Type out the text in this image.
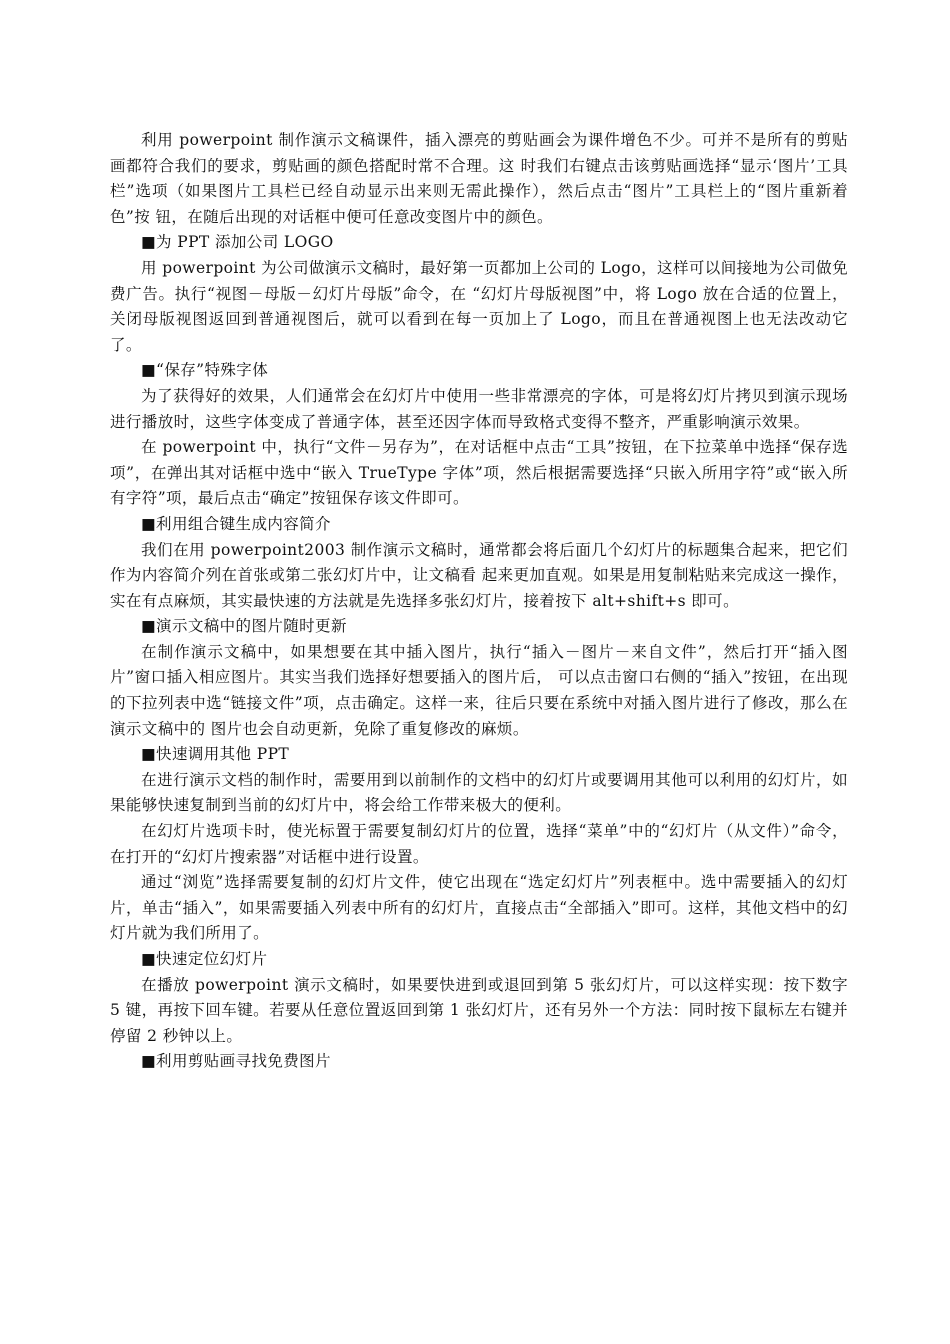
利用 powerpoint 制作演示文稿课件，插入漂亮的剪贴画会为课件增色不少。可并不是所有的剪贴画都符合我们的要求，剪贴画的颜色搭配时常不合理。这 时我们右键点击该剪贴画选择“显示‘图片’工具栏”选项（如果图片工具栏已经自动显示出来则无需此操作），然后点击“图片”工具栏上的“图片重新着色”按 钮，在随后出现的对话框中便可任意改变图片中的颜色。

■为 PPT 添加公司 LOGO

用 powerpoint 为公司做演示文稿时，最好第一页都加上公司的 Logo，这样可以间接地为公司做免费广告。执行“视图－母版－幻灯片母版”命令，在 “幻灯片母版视图”中，将 Logo 放在合适的位置上，关闭母版视图返回到普通视图后，就可以看到在每一页加上了 Logo，而且在普通视图上也无法改动它 了。

■“保存”特殊字体

为了获得好的效果，人们通常会在幻灯片中使用一些非常漂亮的字体，可是将幻灯片拷贝到演示现场进行播放时，这些字体变成了普通字体，甚至还因字体而导致格式变得不整齐，严重影响演示效果。

在 powerpoint 中，执行“文件－另存为”，在对话框中点击“工具”按钮，在下拉菜单中选择“保存选项”，在弹出其对话框中选中“嵌入 TrueType 字体”项，然后根据需要选择“只嵌入所用字符”或“嵌入所有字符”项，最后点击“确定”按钮保存该文件即可。

■利用组合键生成内容简介

我们在用 powerpoint2003 制作演示文稿时，通常都会将后面几个幻灯片的标题集合起来，把它们作为内容简介列在首张或第二张幻灯片中，让文稿看 起来更加直观。如果是用复制粘贴来完成这一操作，实在有点麻烦，其实最快速的方法就是先选择多张幻灯片，接着按下 alt+shift+s 即可。

■演示文稿中的图片随时更新

在制作演示文稿中，如果想要在其中插入图片，执行“插入－图片－来自文件”，然后打开“插入图片”窗口插入相应图片。其实当我们选择好想要插入的图片后， 可以点击窗口右侧的“插入”按钮，在出现的下拉列表中选“链接文件”项，点击确定。这样一来，往后只要在系统中对插入图片进行了修改，那么在演示文稿中的 图片也会自动更新，免除了重复修改的麻烦。

■快速调用其他 PPT

在进行演示文档的制作时，需要用到以前制作的文档中的幻灯片或要调用其他可以利用的幻灯片，如果能够快速复制到当前的幻灯片中，将会给工作带来极大的便利。

在幻灯片选项卡时，使光标置于需要复制幻灯片的位置，选择“菜单”中的“幻灯片（从文件）”命令，在打开的“幻灯片搜索器”对话框中进行设置。

通过“浏览”选择需要复制的幻灯片文件，使它出现在“选定幻灯片”列表框中。选中需要插入的幻灯片，单击“插入”，如果需要插入列表中所有的幻灯片，直接点击“全部插入”即可。这样，其他文档中的幻灯片就为我们所用了。

■快速定位幻灯片

在播放 powerpoint 演示文稿时，如果要快进到或退回到第 5 张幻灯片，可以这样实现：按下数字 5 键，再按下回车键。若要从任意位置返回到第 1 张幻灯片，还有另外一个方法：同时按下鼠标左右键并停留 2 秒钟以上。

■利用剪贴画寻找免费图片
